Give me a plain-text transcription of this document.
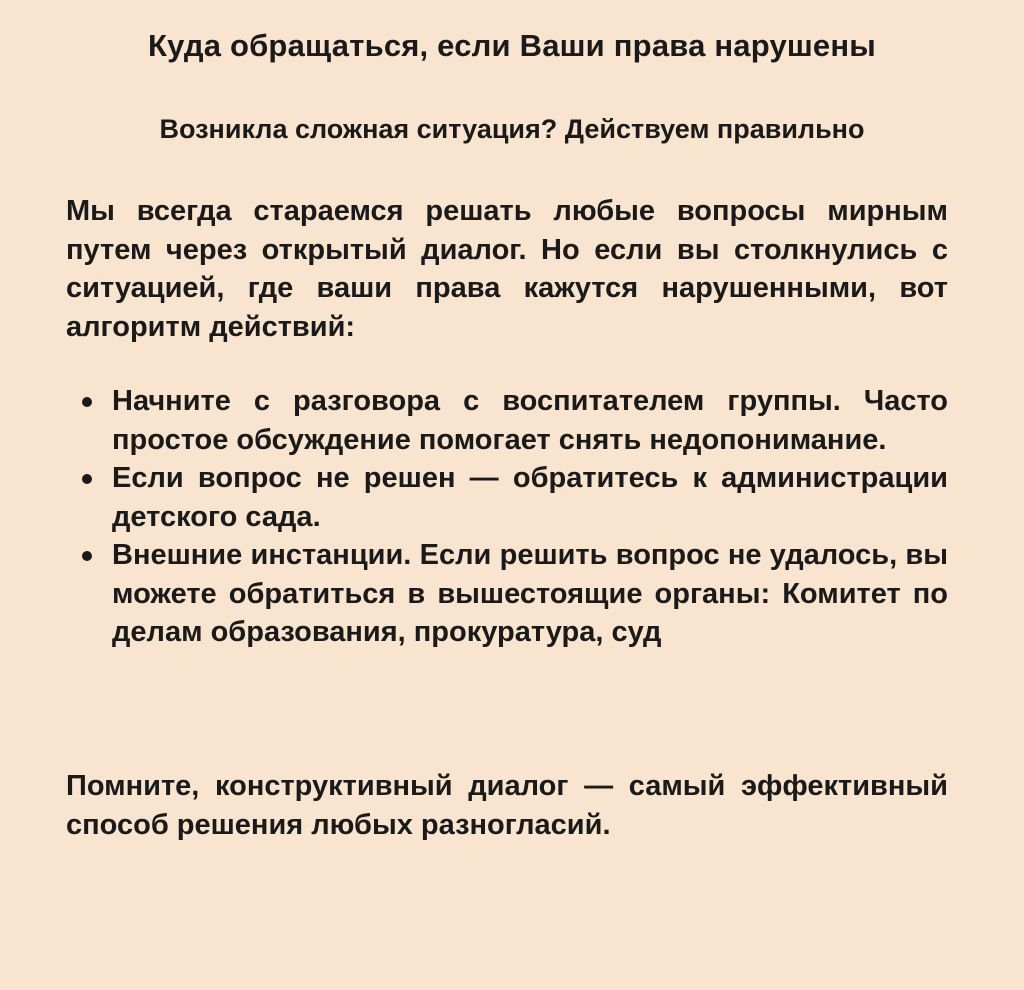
Куда обращаться, если Ваши права нарушены
Возникла сложная ситуация? Действуем правильно

Мы всегда стараемся решать любые вопросы мирным путем через открытый диалог. Но если вы столкнулись с ситуацией, где ваши права кажутся нарушенными, вот алгоритм действий:

Начните с разговора с воспитателем группы. Часто простое обсуждение помогает снять недопонимание.
Если вопрос не решен — обратитесь к администрации детского сада.
Внешние инстанции. Если решить вопрос не удалось, вы можете обратиться в вышестоящие органы: Комитет по делам образования, прокуратура, суд

Помните, конструктивный диалог — самый эффективный способ решения любых разногласий.
